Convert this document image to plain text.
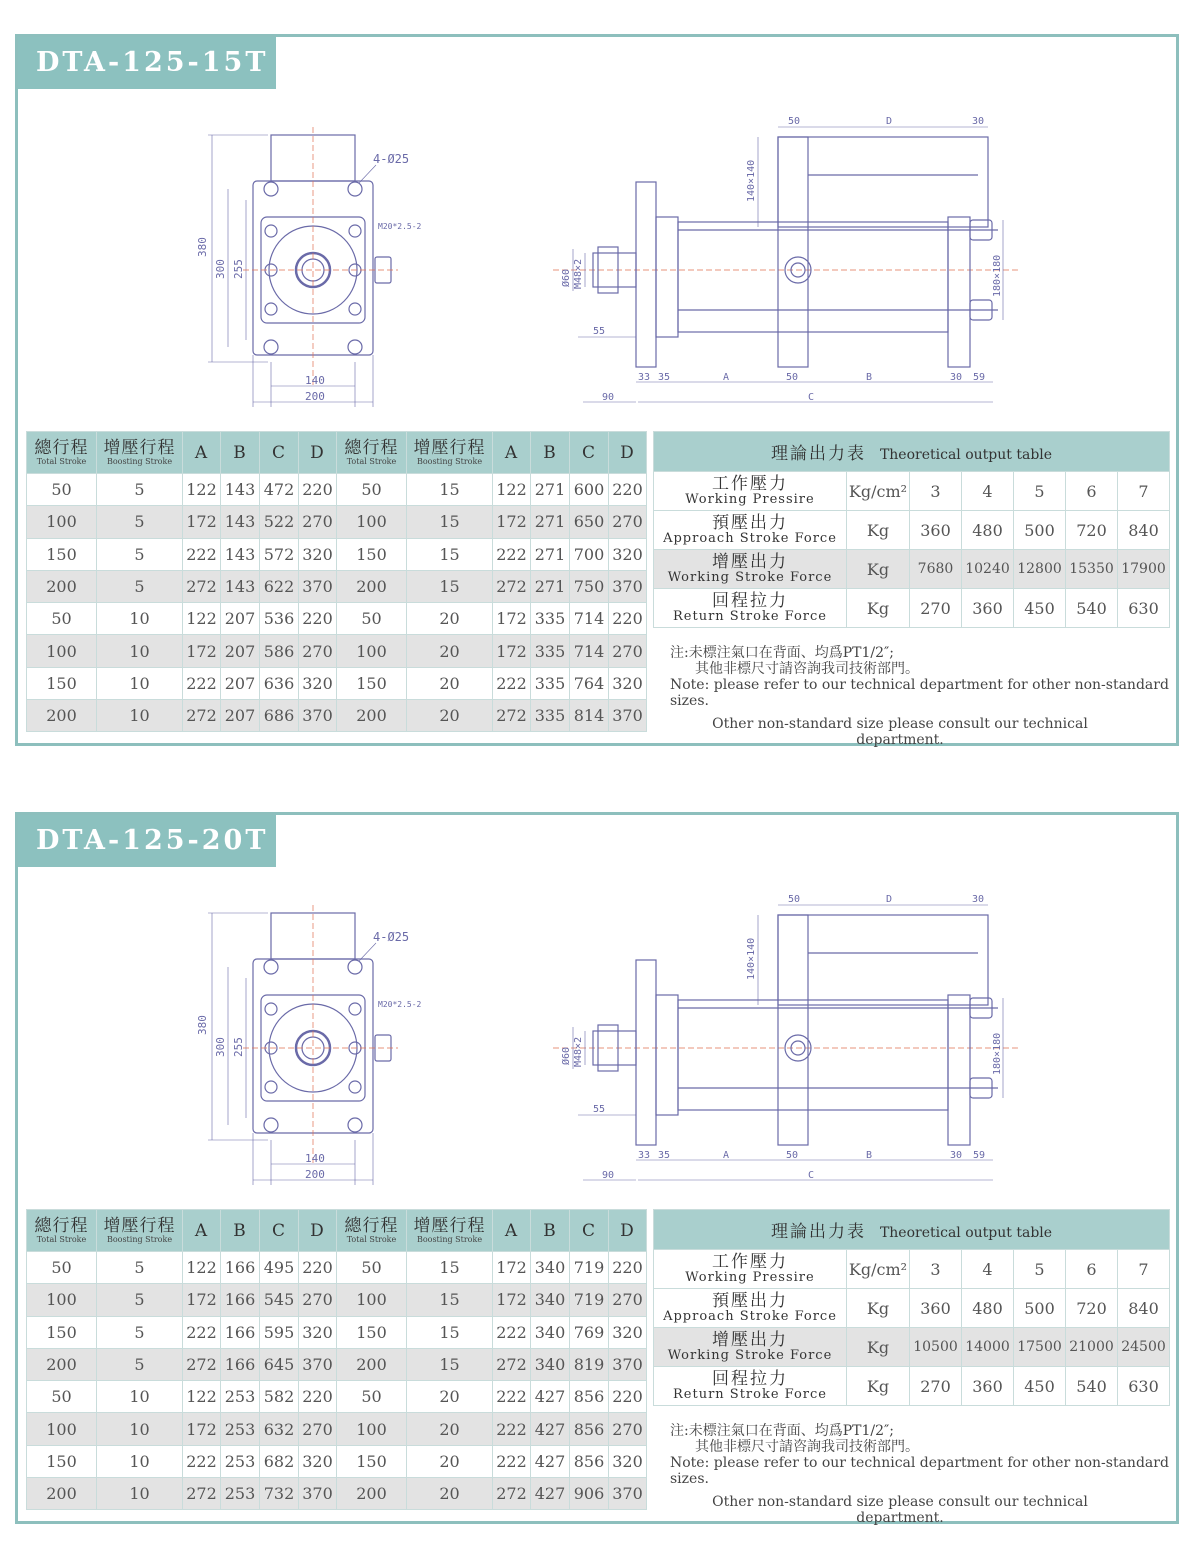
DTA-125-15T
4-Ø25
M20*2.5-2
380
300 255
140
200
50	D	30
140×140
180×180
Ø60 M48×2
55
33 35	A	50	B	30 59
90	C
總行程
Total Stroke	增壓行程
Boosting Stroke	A	B	C	D	總行程
Total Stroke	增壓行程
Boosting Stroke	A	B	C	D

50	5	122	143	472	220	50	15	122	271	600	220
100	5	172	143	522	270	100	15	172	271	650	270
150	5	222	143	572	320	150	15	222	271	700	320
200	5	272	143	622	370	200	15	272	271	750	370
50	10	122	207	536	220	50	20	172	335	714	220
100	10	172	207	586	270	100	20	172	335	714	270
150	10	222	207	636	320	150	20	222	335	764	320
200	10	272	207	686	370	200	20	272	335	814	370
理論出力表 Theoretical output table						

工作壓力
Working Pressire	Kg/cm²	3	4	5	6	7

預壓出力
Approach Stroke Force	Kg	360	480	500	720	840

增壓出力
Working Stroke Force	Kg	7680	10240	12800	15350	17900

回程拉力
Return Stroke Force	Kg	270	360	450	540	630
注:未標注氣口在背面、均爲PT1/2″;
其他非標尺寸請咨詢我司技術部門。
Note: please refer to our technical department for other non-standard sizes.
Other non-standard size please consult our technical department.
DTA-125-20T
4-Ø25
M20*2.5-2
380
300 255
140
200
50	D	30
140×140
180×180
Ø60 M48×2
55
33 35	A	50	B	30 59
90	C
總行程
Total Stroke	增壓行程
Boosting Stroke	A	B	C	D	總行程
Total Stroke	增壓行程
Boosting Stroke	A	B	C	D

50	5	122	166	495	220	50	15	172	340	719	220
100	5	172	166	545	270	100	15	172	340	719	270
150	5	222	166	595	320	150	15	222	340	769	320
200	5	272	166	645	370	200	15	272	340	819	370
50	10	122	253	582	220	50	20	222	427	856	220
100	10	172	253	632	270	100	20	222	427	856	270
150	10	222	253	682	320	150	20	222	427	856	320
200	10	272	253	732	370	200	20	272	427	906	370
理論出力表 Theoretical output table						

工作壓力
Working Pressire	Kg/cm²	3	4	5	6	7

預壓出力
Approach Stroke Force	Kg	360	480	500	720	840

增壓出力
Working Stroke Force	Kg	10500	14000	17500	21000	24500

回程拉力
Return Stroke Force	Kg	270	360	450	540	630
注:未標注氣口在背面、均爲PT1/2″;
其他非標尺寸請咨詢我司技術部門。
Note: please refer to our technical department for other non-standard sizes.
Other non-standard size please consult our technical department.
